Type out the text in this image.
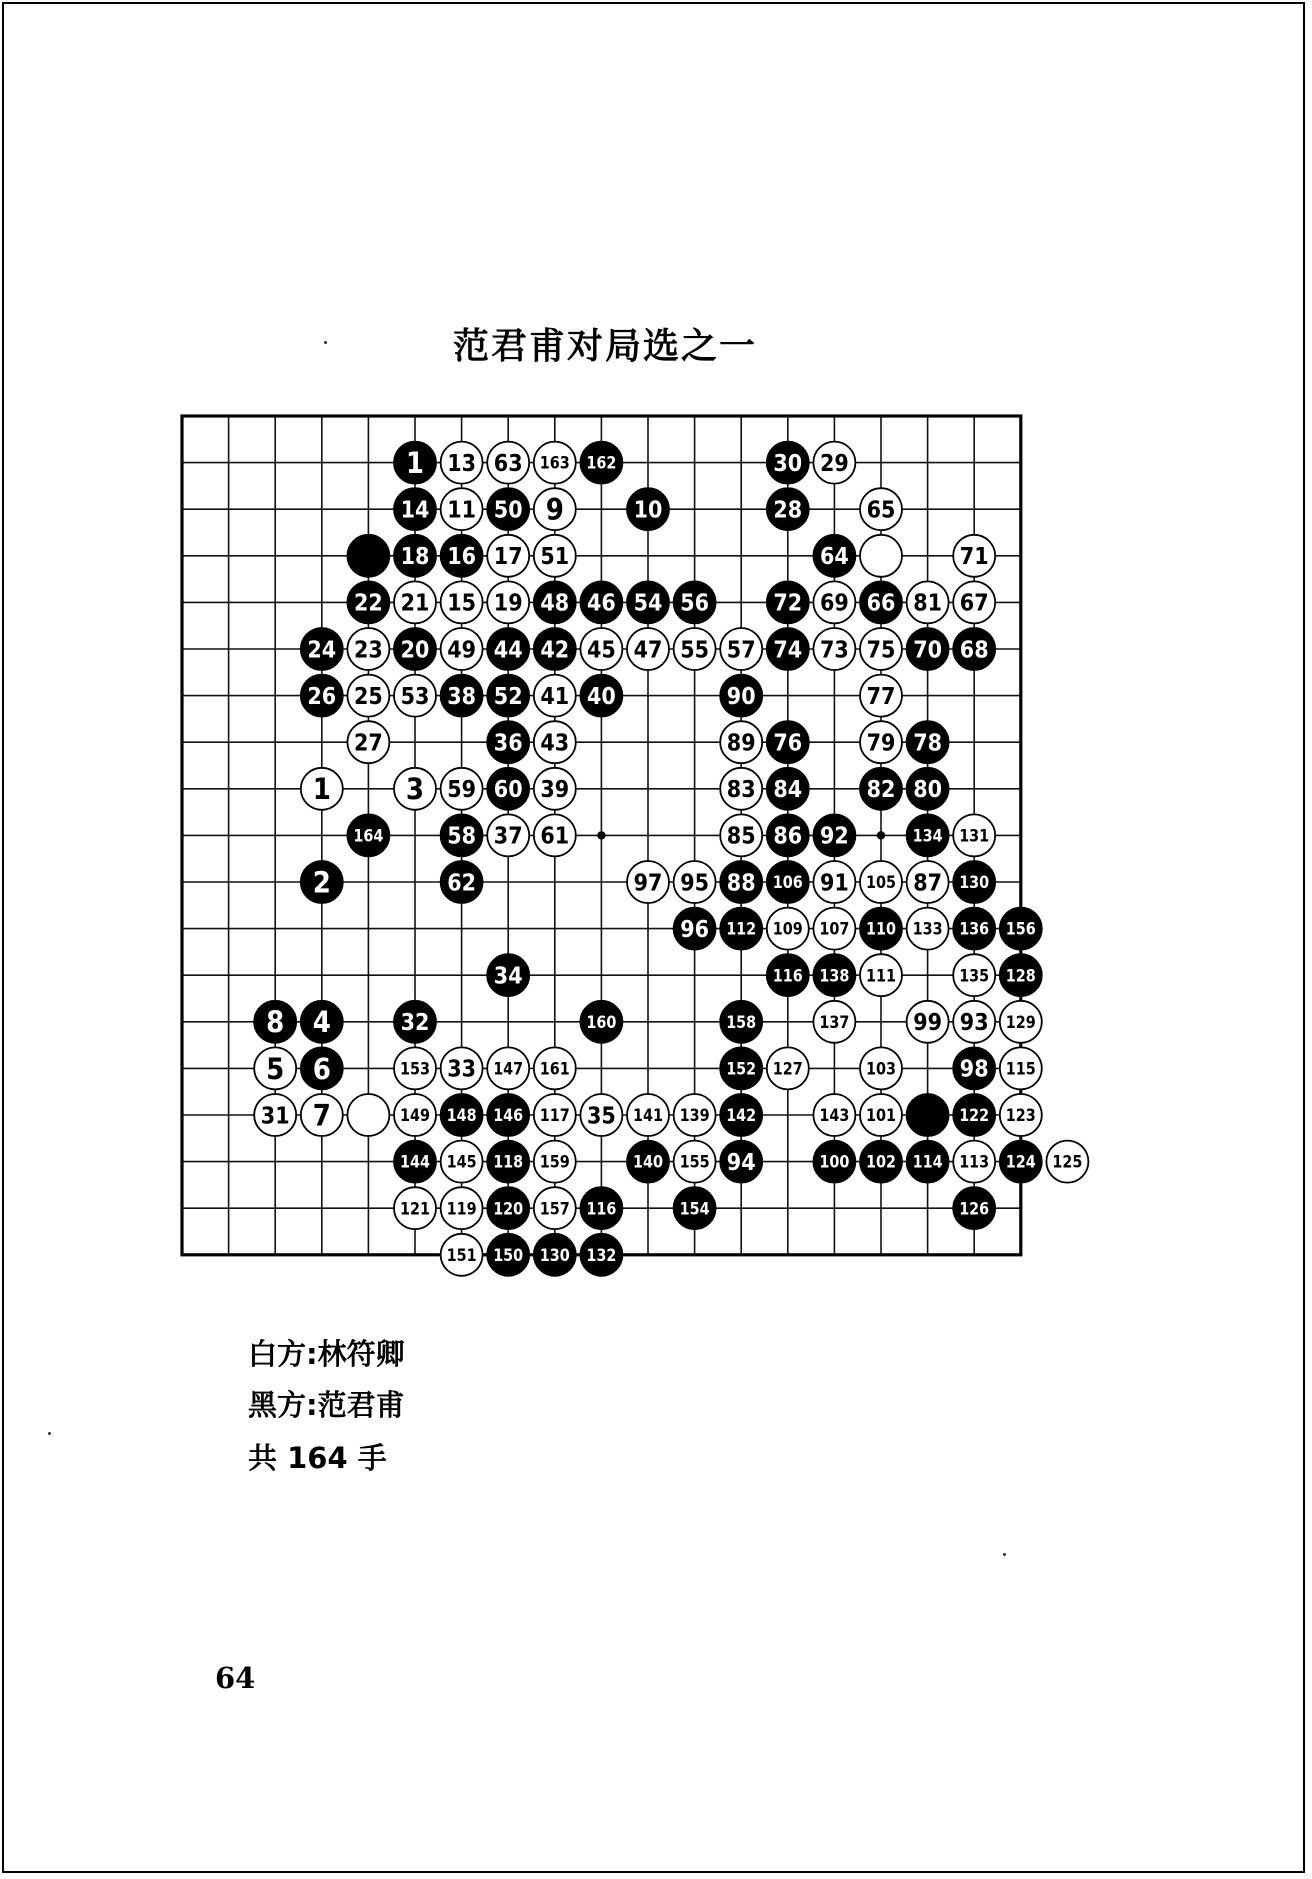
范君甫对局选之一
1 13 63 163 162	30 29
14 11 50 9	10	28	65
18 16 17 51	64	71
22 21 15 19 48 46 54 56	72 69 66 81 67
24 23 20 49 44 42 45 47 55 57 74 73 75 70 68
26 25 53 38 52 41 40	90	77
27	36 43	89 76	79 78
1	3 59 60 39	83 84	82 80
164	58 37 61	85 86 92	134 131
2	62	97 95 88 106 91 105 87 130
96 112 109 107 110 133 136 156
34	116 138 111	135 128
8 4	32	160	158	137	99 93 129
5 6	153 33 147 161	152 127	103	98 115
31 7	149 148 146 117 35 141 139 142	143 101	122 123
144 145 118 159	140 155 94	100 102 114 113 124 125
121 119 120 157 116	154	126
151 150 130 132
白方:林符卿
黑方:范君甫
共 164 手
64
